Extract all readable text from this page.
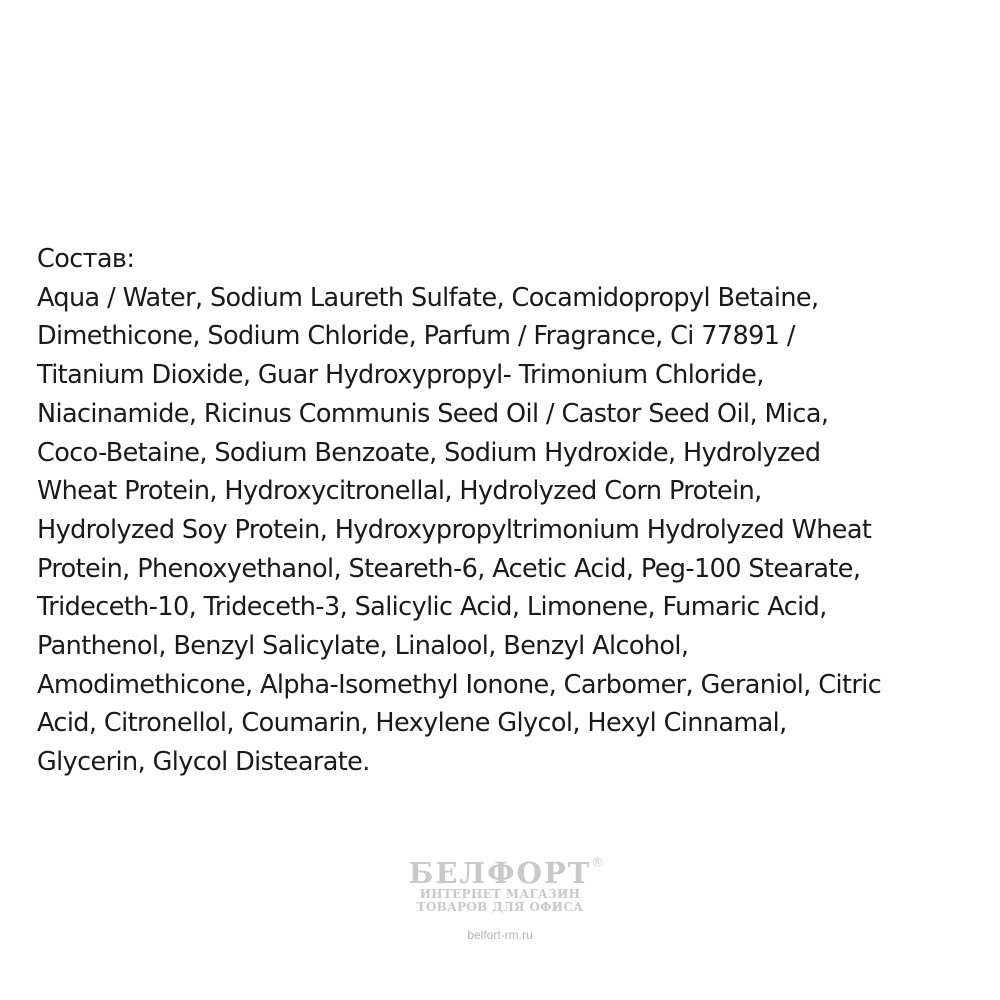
Состав:
Aqua / Water, Sodium Laureth Sulfate, Cocamidopropyl Betaine,
Dimethicone, Sodium Chloride, Parfum / Fragrance, Ci 77891 /
Titanium Dioxide, Guar Hydroxypropyl- Trimonium Chloride,
Niacinamide, Ricinus Communis Seed Oil / Castor Seed Oil, Mica,
Coco-Betaine, Sodium Benzoate, Sodium Hydroxide, Hydrolyzed
Wheat Protein, Hydroxycitronellal, Hydrolyzed Corn Protein,
Hydrolyzed Soy Protein, Hydroxypropyltrimonium Hydrolyzed Wheat
Protein, Phenoxyethanol, Steareth-6, Acetic Acid, Peg-100 Stearate,
Trideceth-10, Trideceth-3, Salicylic Acid, Limonene, Fumaric Acid,
Panthenol, Benzyl Salicylate, Linalool, Benzyl Alcohol,
Amodimethicone, Alpha-Isomethyl Ionone, Carbomer, Geraniol, Citric
Acid, Citronellol, Coumarin, Hexylene Glycol, Hexyl Cinnamal,
Glycerin, Glycol Distearate.
БЕЛФОРТ ®
ИНТЕРНЕТ МАГАЗИН
ТОВАРОВ ДЛЯ ОФИСА
belfort-rm.ru
